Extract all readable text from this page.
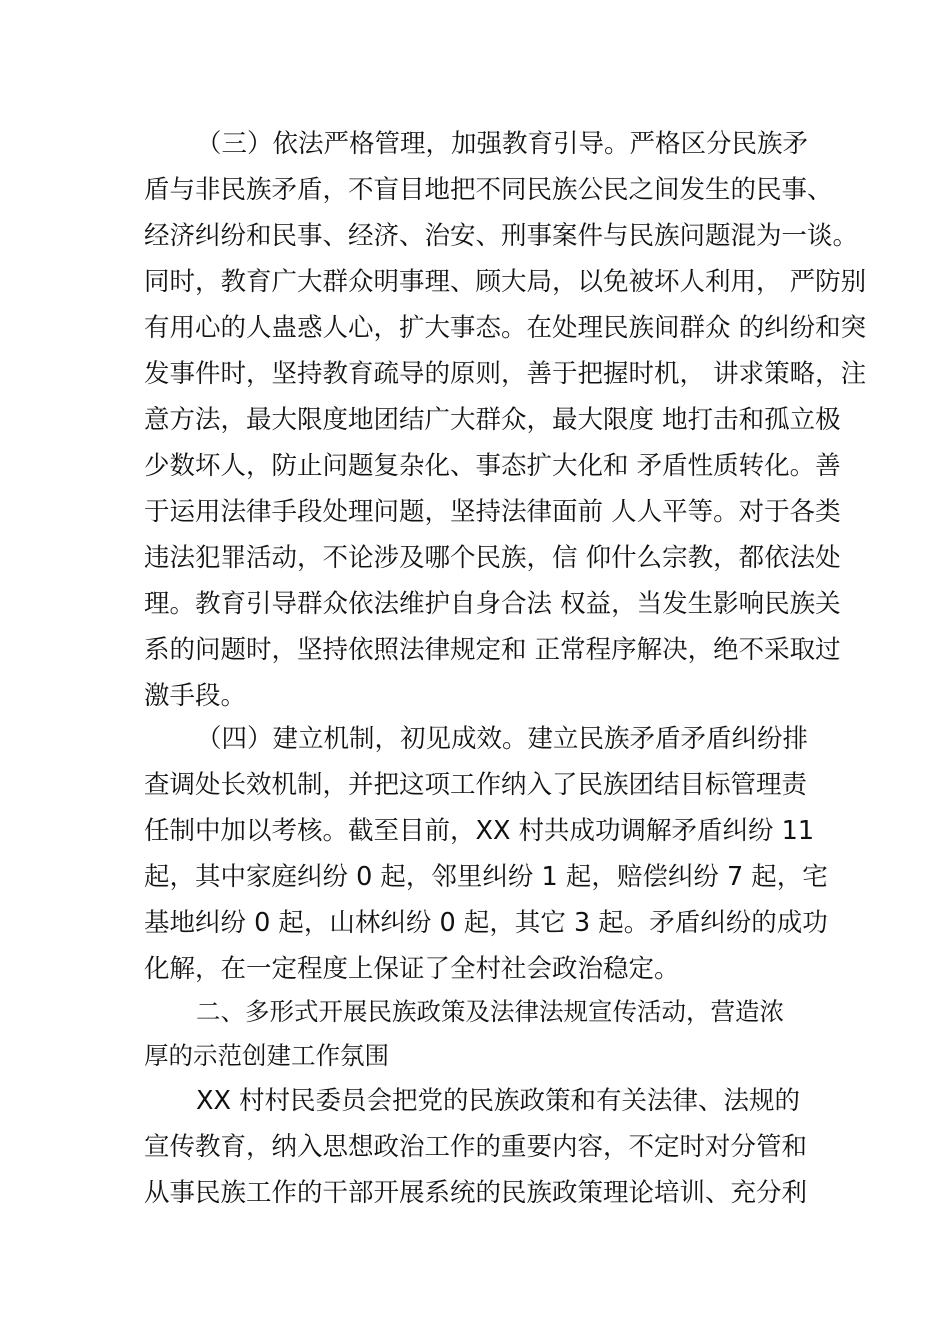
（三）依法严格管理，加强教育引导。严格区分民族矛
盾与非民族矛盾，不盲目地把不同民族公民之间发生的民事、
经济纠纷和民事、经济、治安、刑事案件与民族问题混为一谈。
同时，教育广大群众明事理、顾大局，以免被坏人利用， 严防别
有用心的人蛊惑人心，扩大事态。在处理民族间群众 的纠纷和突
发事件时，坚持教育疏导的原则，善于把握时机， 讲求策略，注
意方法，最大限度地团结广大群众，最大限度 地打击和孤立极
少数坏人，防止问题复杂化、事态扩大化和 矛盾性质转化。善
于运用法律手段处理问题，坚持法律面前 人人平等。对于各类
违法犯罪活动，不论涉及哪个民族，信 仰什么宗教，都依法处
理。教育引导群众依法维护自身合法 权益，当发生影响民族关
系的问题时，坚持依照法律规定和 正常程序解决，绝不采取过
激手段。
（四）建立机制，初见成效。建立民族矛盾矛盾纠纷排
查调处长效机制，并把这项工作纳入了民族团结目标管理责
任制中加以考核。截至目前，XX 村共成功调解矛盾纠纷 11
起，其中家庭纠纷 0 起，邻里纠纷 1 起，赔偿纠纷 7 起，宅
基地纠纷 0 起，山林纠纷 0 起，其它 3 起。矛盾纠纷的成功
化解，在一定程度上保证了全村社会政治稳定。
二、多形式开展民族政策及法律法规宣传活动，营造浓
厚的示范创建工作氛围
XX 村村民委员会把党的民族政策和有关法律、法规的
宣传教育，纳入思想政治工作的重要内容，不定时对分管和
从事民族工作的干部开展系统的民族政策理论培训、充分利
